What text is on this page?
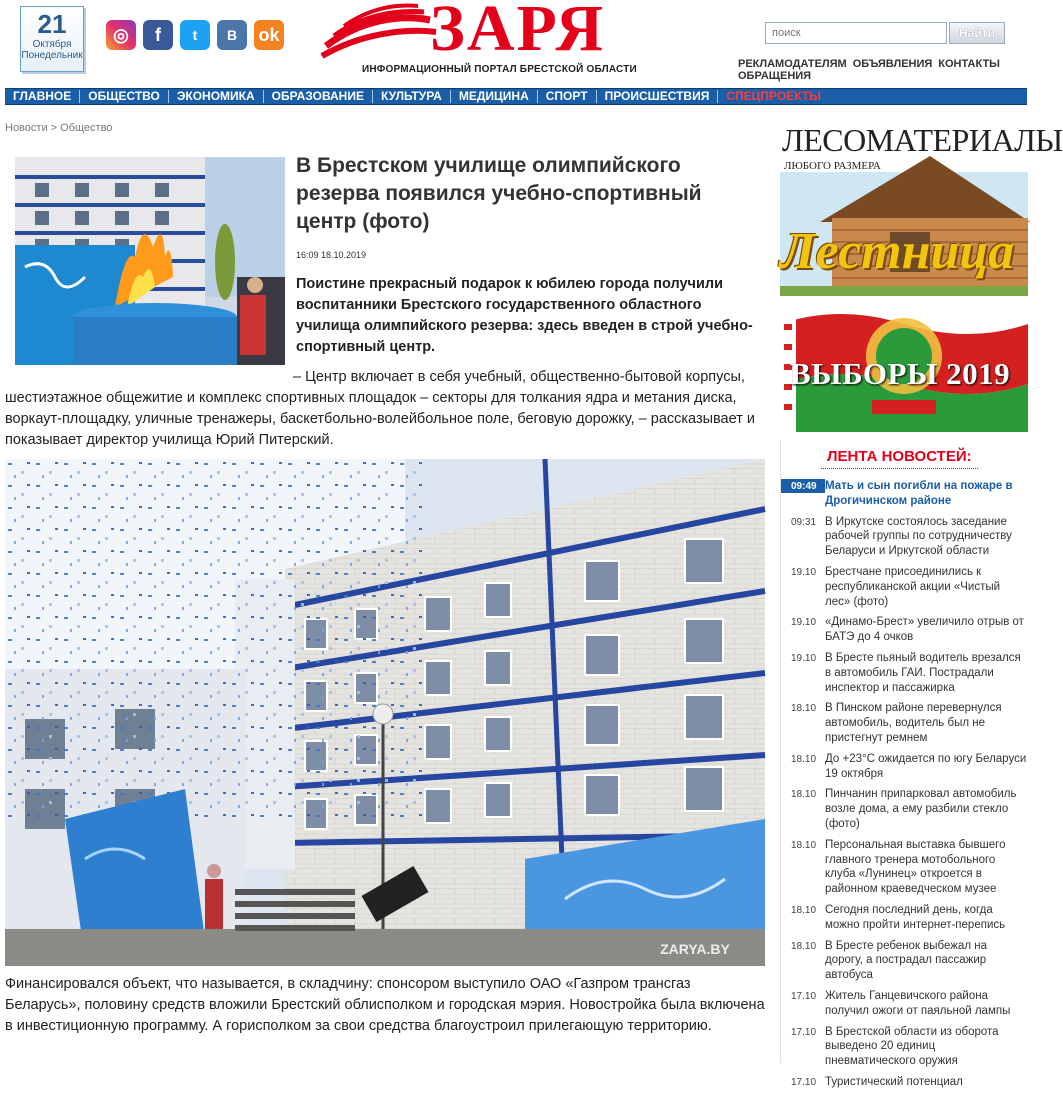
21
Октября
Понедельник
◎	f	t	B	ok ЗАРЯ
ИНФОРМАЦИОННЫЙ ПОРТАЛ БРЕСТСКОЙ ОБЛАСТИ
поиск
Найти
РЕКЛАМОДАТЕЛЯМ ОБЪЯВЛЕНИЯ КОНТАКТЫ
ОБРАЩЕНИЯ
ГЛАВНОЕ	ОБЩЕСТВО	ЭКОНОМИКА	ОБРАЗОВАНИЕ	КУЛЬТУРА	МЕДИЦИНА	СПОРТ	ПРОИСШЕСТВИЯ	СПЕЦПРОЕКТЫ
Новости > Общество
В Брестском училище олимпийского резерва появился учебно-спортивный центр (фото)
16:09 18.10.2019

Поистине прекрасный подарок к юбилею города получили воспитанники Брестского государственного областного училища олимпийского резерва: здесь введен в строй учебно-спортивный центр.

– Центр включает в себя учебный, общественно-бытовой корпусы, шестиэтажное общежитие и комплекс спортивных площадок – секторы для толкания ядра и метания диска, воркаут-площадку, уличные тренажеры, баскетбольно-волейбольное поле, беговую дорожку, – рассказывает и показывает директор училища Юрий Питерский.

ZARYA.BY

Финансировался объект, что называется, в складчину: спонсором выступило ОАО «Газпром трансгаз Беларусь», половину средств вложили Брестский облисполком и городская мэрия. Новостройка была включена в инвестиционную программу. А горисполком за свои средства благоустроил прилегающую территорию.

ЛЕСОМАТЕРИАЛЫ
ЛЮБОГО РАЗМЕРА
Лестница
ВЫБОРЫ 2019
ЛЕНТА НОВОСТЕЙ:
09:49 Мать и сын погибли на пожаре в Дрогичинском районе
09:31 В Иркутске состоялось заседание рабочей группы по сотрудничеству Беларуси и Иркутской области
19.10 Брестчане присоединились к республиканской акции «Чистый лес» (фото)
19.10 «Динамо-Брест» увеличило отрыв от БАТЭ до 4 очков
19.10 В Бресте пьяный водитель врезался в автомобиль ГАИ. Пострадали инспектор и пассажирка
18.10 В Пинском районе перевернулся автомобиль, водитель был не пристегнут ремнем
18.10 До +23°С ожидается по югу Беларуси 19 октября
18.10 Пинчанин припарковал автомобиль возле дома, а ему разбили стекло (фото)
18.10 Персональная выставка бывшего главного тренера мотобольного клуба «Лунинец» откроется в районном краеведческом музее
18.10 Сегодня последний день, когда можно пройти интернет-перепись
18.10 В Бресте ребенок выбежал на дорогу, а пострадал пассажир автобуса
17.10 Житель Ганцевичского района получил ожоги от паяльной лампы
17.10 В Брестской области из оборота выведено 20 единиц пневматического оружия
17.10 Туристический потенциал
